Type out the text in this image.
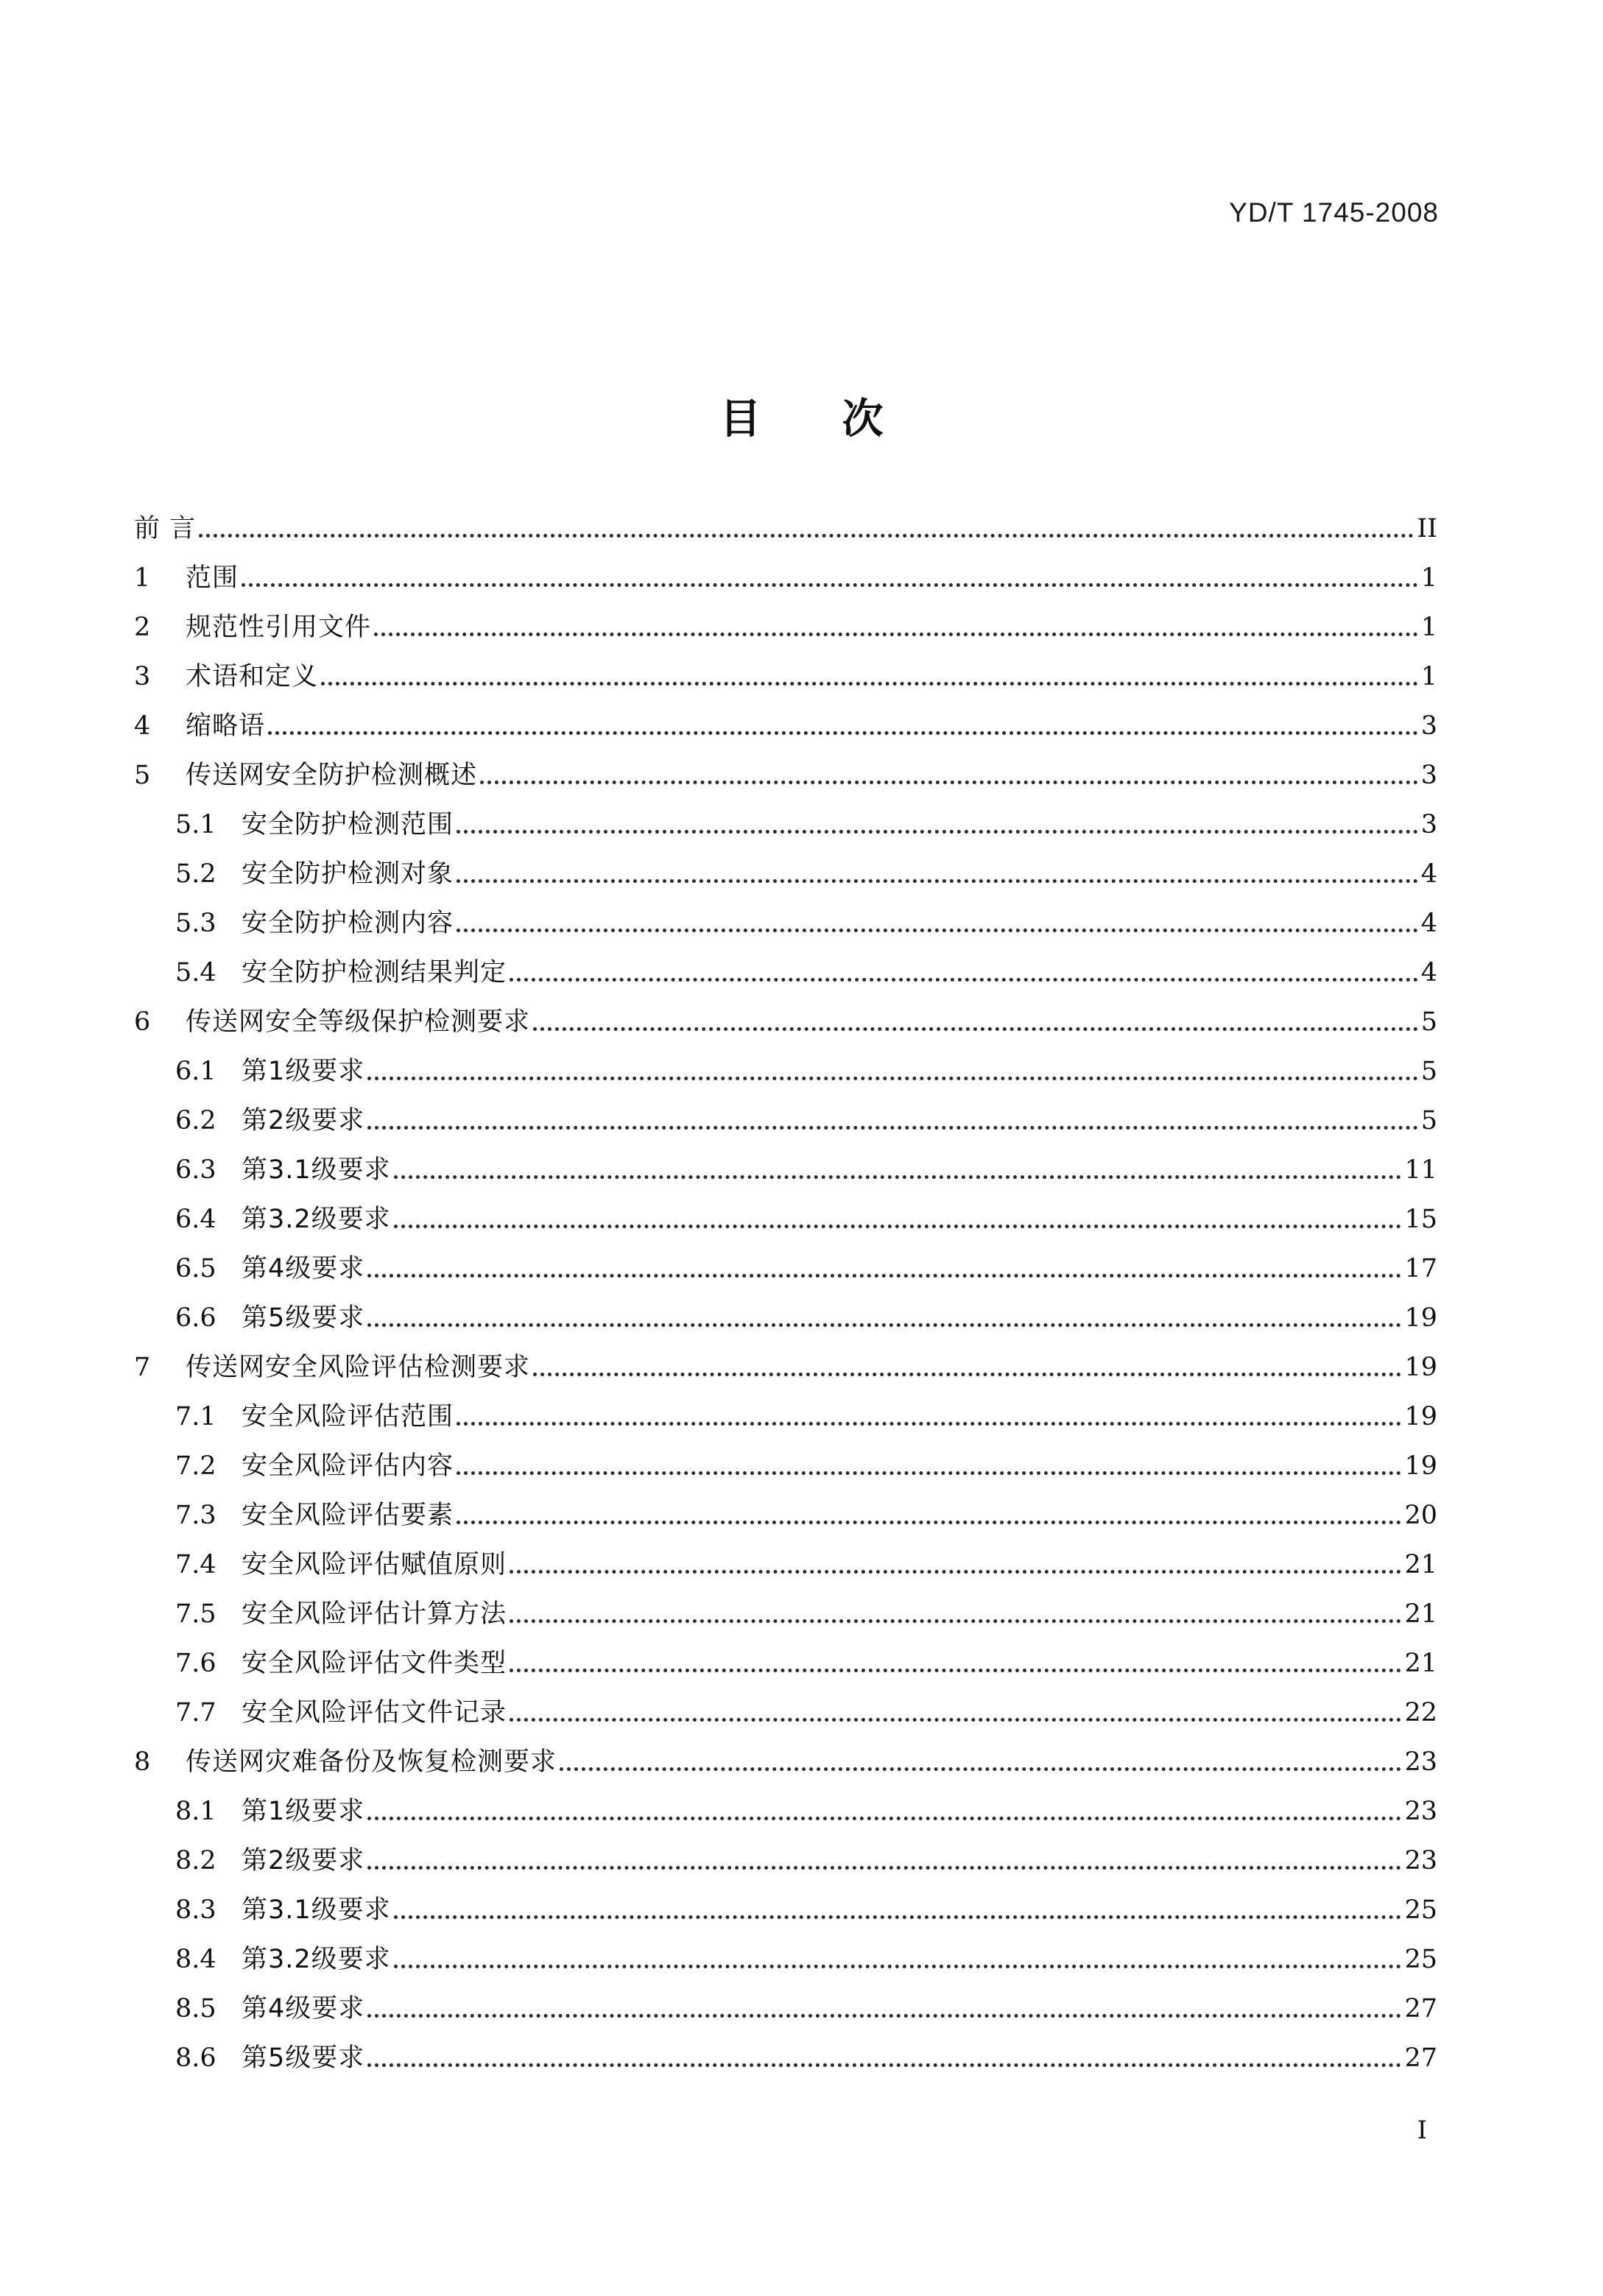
YD/T 1745-2008
目次
前 言	II
1	范围	1
2	规范性引用文件	1
3	术语和定义	1
4	缩略语	3
5	传送网安全防护检测概述	3
5.1 安全防护检测范围	3
5.2 安全防护检测对象	4
5.3 安全防护检测内容	4
5.4 安全防护检测结果判定	4
6	传送网安全等级保护检测要求	5
6.1 第1级要求	5
6.2 第2级要求	5
6.3 第3.1级要求	11
6.4 第3.2级要求	15
6.5 第4级要求	17
6.6 第5级要求	19
7	传送网安全风险评估检测要求	19
7.1 安全风险评估范围	19
7.2 安全风险评估内容	19
7.3 安全风险评估要素	20
7.4 安全风险评估赋值原则	21
7.5 安全风险评估计算方法	21
7.6 安全风险评估文件类型	21
7.7 安全风险评估文件记录	22
8	传送网灾难备份及恢复检测要求	23
8.1 第1级要求	23
8.2 第2级要求	23
8.3 第3.1级要求	25
8.4 第3.2级要求	25
8.5 第4级要求	27
8.6 第5级要求	27
I
